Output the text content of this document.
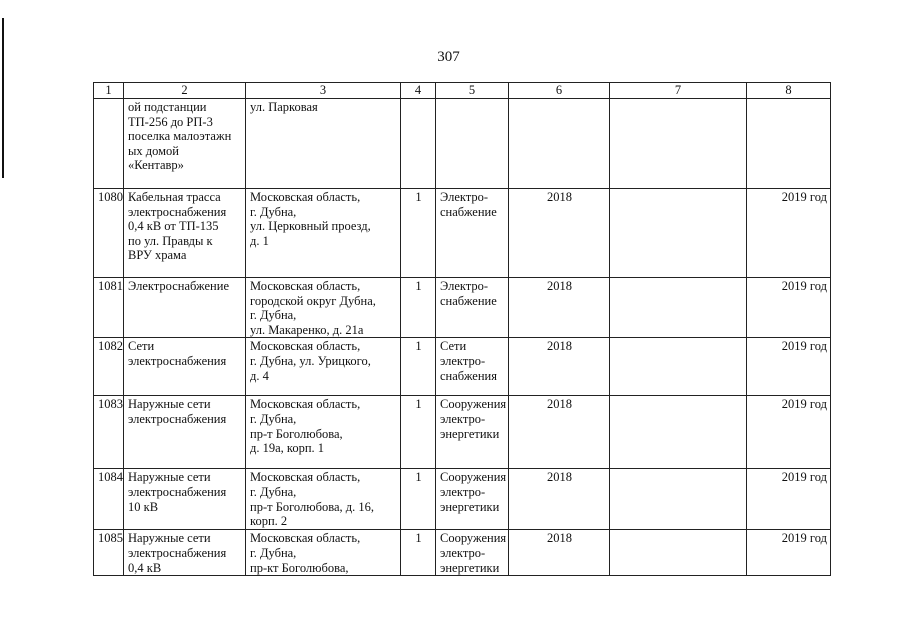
307
1	2	3	4	5	6	7	8
	ой подстанции
ТП-256 до РП-3
поселка малоэтажн
ых домой
«Кентавр»	ул. Парковая					
1080	Кабельная трасса
электроснабжения
0,4 кВ от ТП-135
по ул. Правды к
ВРУ храма	Московская область,
г. Дубна,
ул. Церковный проезд,
д. 1	1	Электро-
снабжение	2018		2019 год
1081	Электроснабжение	Московская область,
городской округ Дубна,
г. Дубна,
ул. Макаренко, д. 21а	1	Электро-
снабжение	2018		2019 год
1082	Сети
электроснабжения	Московская область,
г. Дубна, ул. Урицкого,
д. 4	1	Сети
электро-
снабжения	2018		2019 год
1083	Наружные сети
электроснабжения	Московская область,
г. Дубна,
пр-т Боголюбова,
д. 19а, корп. 1	1	Сооружения
электро-
энергетики	2018		2019 год
1084	Наружные сети
электроснабжения
10 кВ	Московская область,
г. Дубна,
пр-т Боголюбова, д. 16,
корп. 2	1	Сооружения
электро-
энергетики	2018		2019 год
1085	Наружные сети
электроснабжения
0,4 кВ	Московская область,
г. Дубна,
пр-кт Боголюбова,	1	Сооружения
электро-
энергетики	2018		2019 год
